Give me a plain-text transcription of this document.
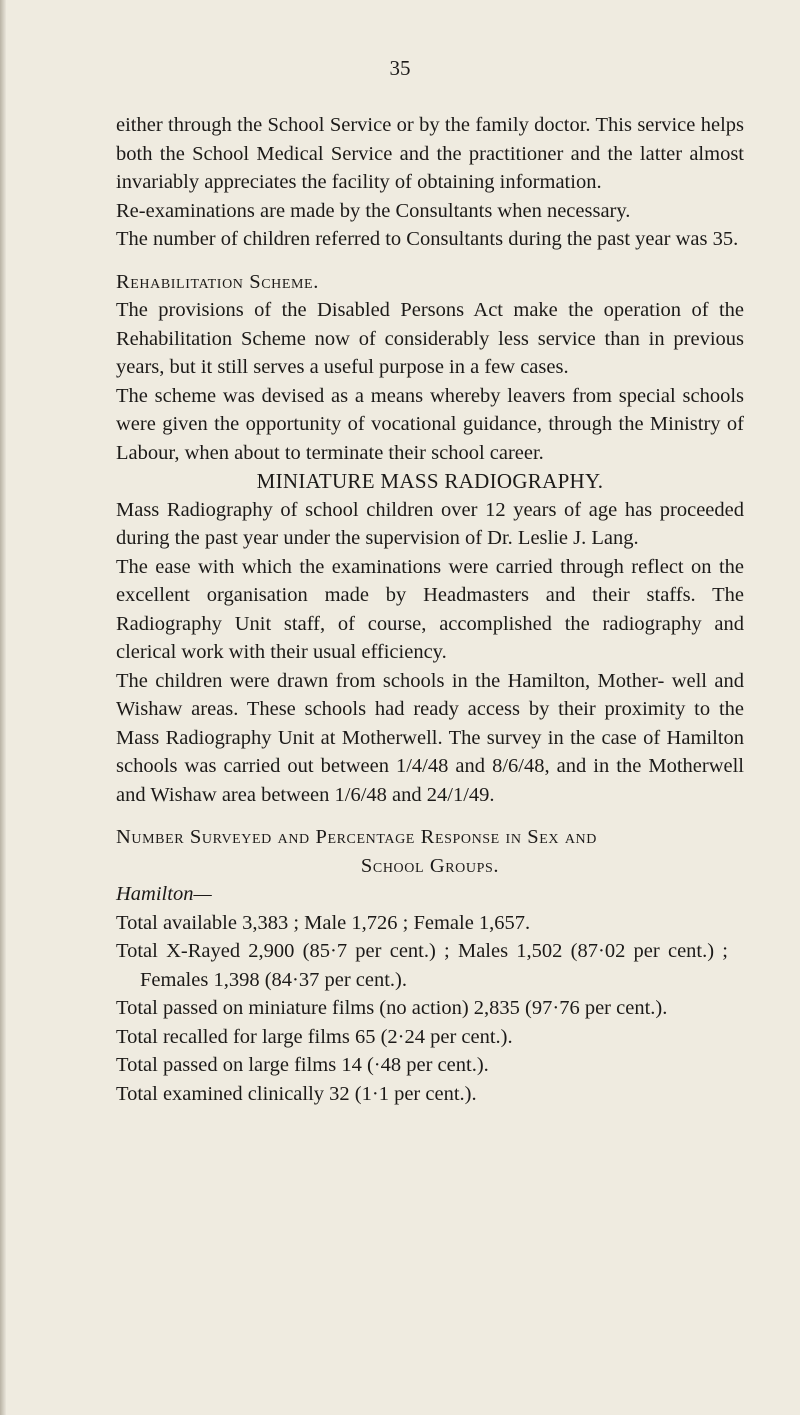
35

either through the School Service or by the family doctor. This service helps both the School Medical Service and the practitioner and the latter almost invariably appreciates the facility of obtaining information.

Re-examinations are made by the Consultants when necessary.

The number of children referred to Consultants during the past year was 35.

Rehabilitation Scheme.

The provisions of the Disabled Persons Act make the operation of the Rehabilitation Scheme now of considerably less service than in previous years, but it still serves a useful purpose in a few cases.

The scheme was devised as a means whereby leavers from special schools were given the opportunity of vocational guidance, through the Ministry of Labour, when about to terminate their school career.

MINIATURE MASS RADIOGRAPHY.

Mass Radiography of school children over 12 years of age has proceeded during the past year under the supervision of Dr. Leslie J. Lang.

The ease with which the examinations were carried through reflect on the excellent organisation made by Headmasters and their staffs. The Radiography Unit staff, of course, accomplished the radiography and clerical work with their usual efficiency.

The children were drawn from schools in the Hamilton, Mother- well and Wishaw areas. These schools had ready access by their proximity to the Mass Radiography Unit at Motherwell. The survey in the case of Hamilton schools was carried out between 1/4/48 and 8/6/48, and in the Motherwell and Wishaw area between 1/6/48 and 24/1/49.

Number Surveyed and Percentage Response in Sex and

School Groups.

Hamilton—

Total available 3,383 ; Male 1,726 ; Female 1,657.

Total X-Rayed 2,900 (85·7 per cent.) ; Males 1,502 (87·02 per cent.) ; Females 1,398 (84·37 per cent.).

Total passed on miniature films (no action) 2,835 (97·76 per cent.).

Total recalled for large films 65 (2·24 per cent.).

Total passed on large films 14 (·48 per cent.).

Total examined clinically 32 (1·1 per cent.).
